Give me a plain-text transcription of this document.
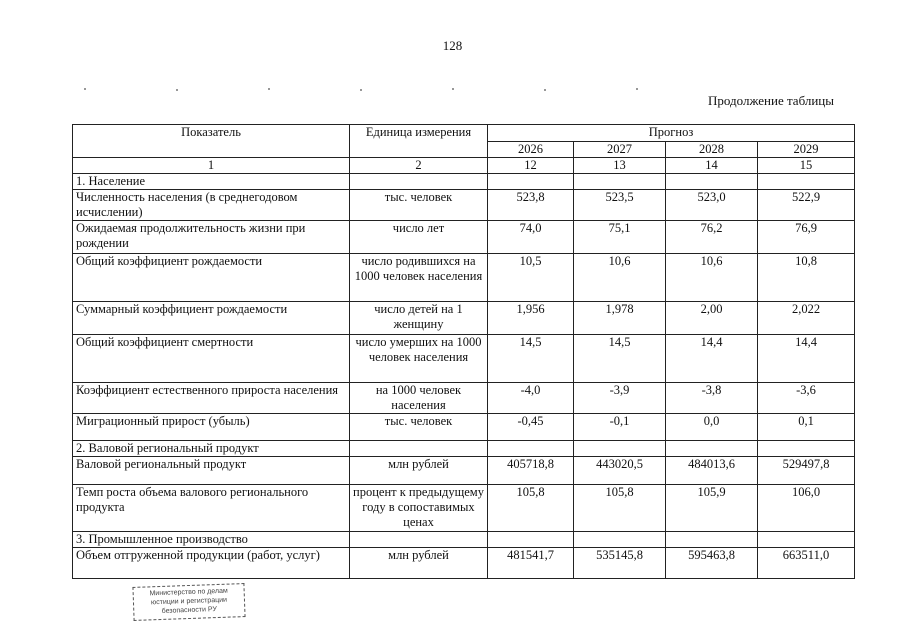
128
Продолжение таблицы
Показатель	Единица измерения	Прогноз			
		2026	2027	2028	2029
1	2	12	13	14	15
1. Население					
Численность населения (в среднегодовом исчислении)	тыс. человек	523,8	523,5	523,0	522,9
Ожидаемая продолжительность жизни при рождении	число лет	74,0	75,1	76,2	76,9
Общий коэффициент рождаемости	число родившихся на 1000 человек населения	10,5	10,6	10,6	10,8
Суммарный коэффициент рождаемости	число детей на 1 женщину	1,956	1,978	2,00	2,022
Общий коэффициент смертности	число умерших на 1000 человек населения	14,5	14,5	14,4	14,4
Коэффициент естественного прироста населения	на 1000 человек населения	-4,0	-3,9	-3,8	-3,6
Миграционный прирост (убыль)	тыс. человек	-0,45	-0,1	0,0	0,1
2. Валовой региональный продукт					
Валовой региональный продукт	млн рублей	405718,8	443020,5	484013,6	529497,8
Темп роста объема валового регионального продукта	процент к предыдущему году в сопоставимых ценах	105,8	105,8	105,9	106,0
3. Промышленное производство					
Объем отгруженной продукции (работ, услуг)	млн рублей	481541,7	535145,8	595463,8	663511,0
Министерство по делам
юстиции и регистрации
безопасности РУ
